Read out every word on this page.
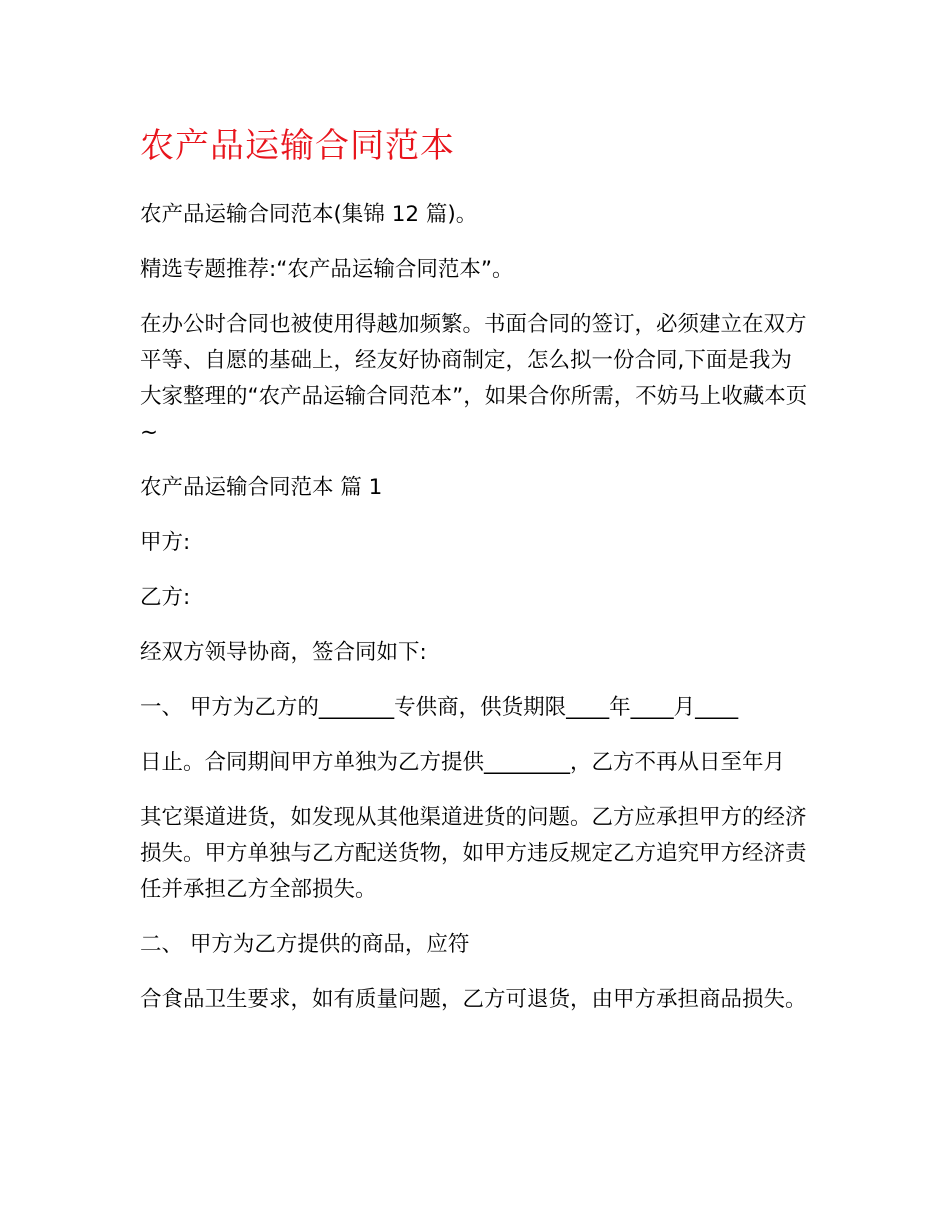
农产品运输合同范本

农产品运输合同范本(集锦 12 篇)。

精选专题推荐:“农产品运输合同范本”。

在办公时合同也被使用得越加频繁。书面合同的签订，必须建立在双方平等、自愿的基础上，经友好协商制定，怎么拟一份合同,下面是我为大家整理的“农产品运输合同范本”，如果合你所需，不妨马上收藏本页~

农产品运输合同范本 篇 1

甲方:

乙方:

经双方领导协商，签合同如下:

一、 甲方为乙方的_______专供商，供货期限____年____月____

日止。合同期间甲方单独为乙方提供________，乙方不再从日至年月

其它渠道进货，如发现从其他渠道进货的问题。乙方应承担甲方的经济损失。甲方单独与乙方配送货物，如甲方违反规定乙方追究甲方经济责任并承担乙方全部损失。

二、 甲方为乙方提供的商品，应符

合食品卫生要求，如有质量问题，乙方可退货，由甲方承担商品损失。
